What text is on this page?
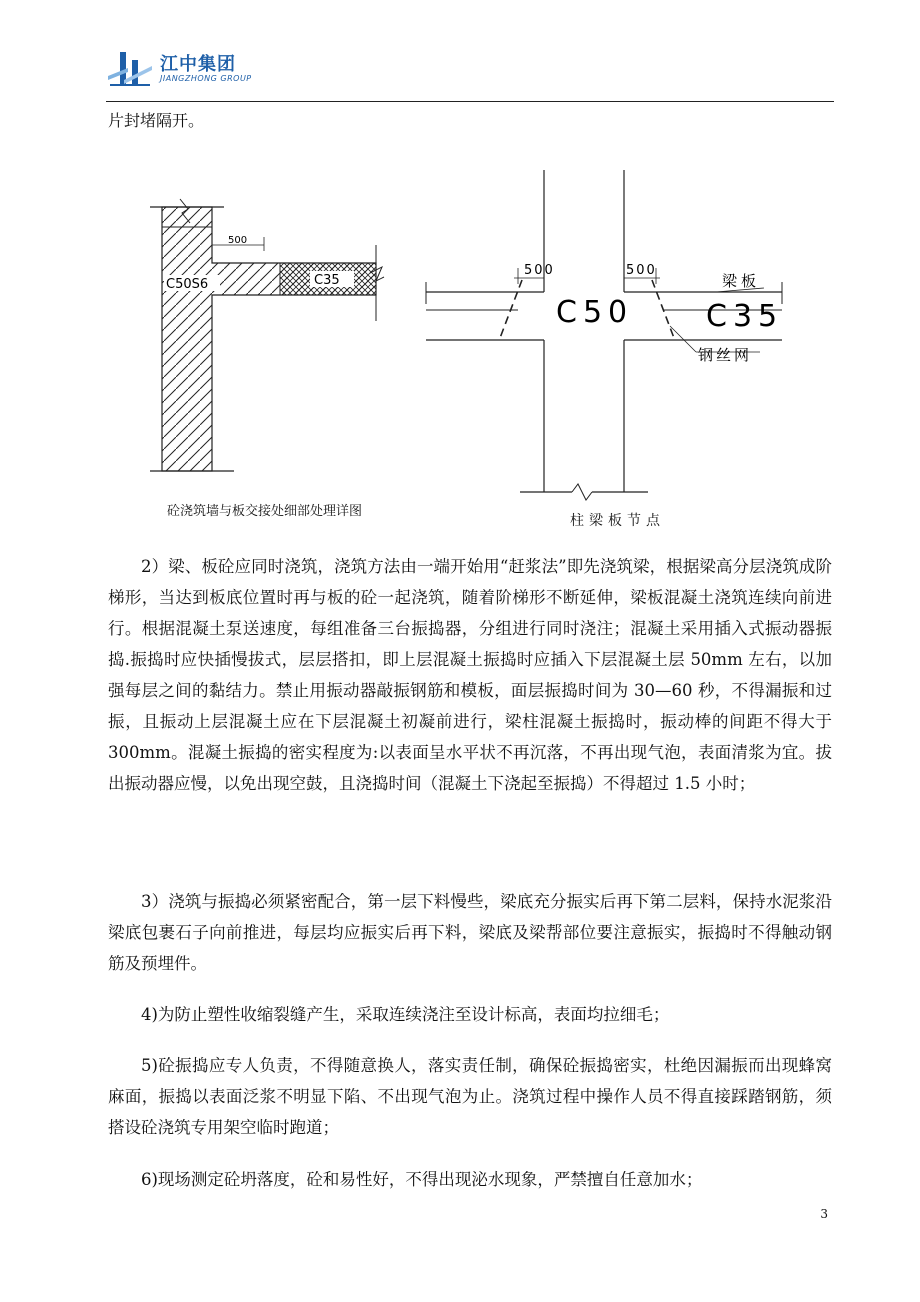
江中集团
JIANGZHONG GROUP
片封堵隔开。
500
C50S6	C35
砼浇筑墙与板交接处细部处理详图
500	500
梁板
C50 C35
钢丝网
柱梁板节点

2）梁、板砼应同时浇筑，浇筑方法由一端开始用“赶浆法”即先浇筑梁，根据梁高分层浇筑成阶梯形，当达到板底位置时再与板的砼一起浇筑，随着阶梯形不断延伸，梁板混凝土浇筑连续向前进行。根据混凝土泵送速度，每组准备三台振捣器，分组进行同时浇注；混凝土采用插入式振动器振捣.振捣时应快插慢拔式，层层搭扣，即上层混凝土振捣时应插入下层混凝土层 50mm 左右，以加强每层之间的黏结力。禁止用振动器敲振钢筋和模板，面层振捣时间为 30—60 秒，不得漏振和过振，且振动上层混凝土应在下层混凝土初凝前进行，梁柱混凝土振捣时，振动棒的间距不得大于 300mm。混凝土振捣的密实程度为:以表面呈水平状不再沉落，不再出现气泡，表面清浆为宜。拔出振动器应慢，以免出现空鼓，且浇捣时间（混凝土下浇起至振捣）不得超过 1.5 小时；

3）浇筑与振捣必须紧密配合，第一层下料慢些，梁底充分振实后再下第二层料，保持水泥浆沿梁底包裹石子向前推进，每层均应振实后再下料，梁底及梁帮部位要注意振实，振捣时不得触动钢筋及预埋件。

4)为防止塑性收缩裂缝产生，采取连续浇注至设计标高，表面均拉细毛；

5)砼振捣应专人负责，不得随意换人，落实责任制，确保砼振捣密实，杜绝因漏振而出现蜂窝麻面，振捣以表面泛浆不明显下陷、不出现气泡为止。浇筑过程中操作人员不得直接踩踏钢筋，须搭设砼浇筑专用架空临时跑道；

6)现场测定砼坍落度，砼和易性好，不得出现泌水现象，严禁擅自任意加水；

3
